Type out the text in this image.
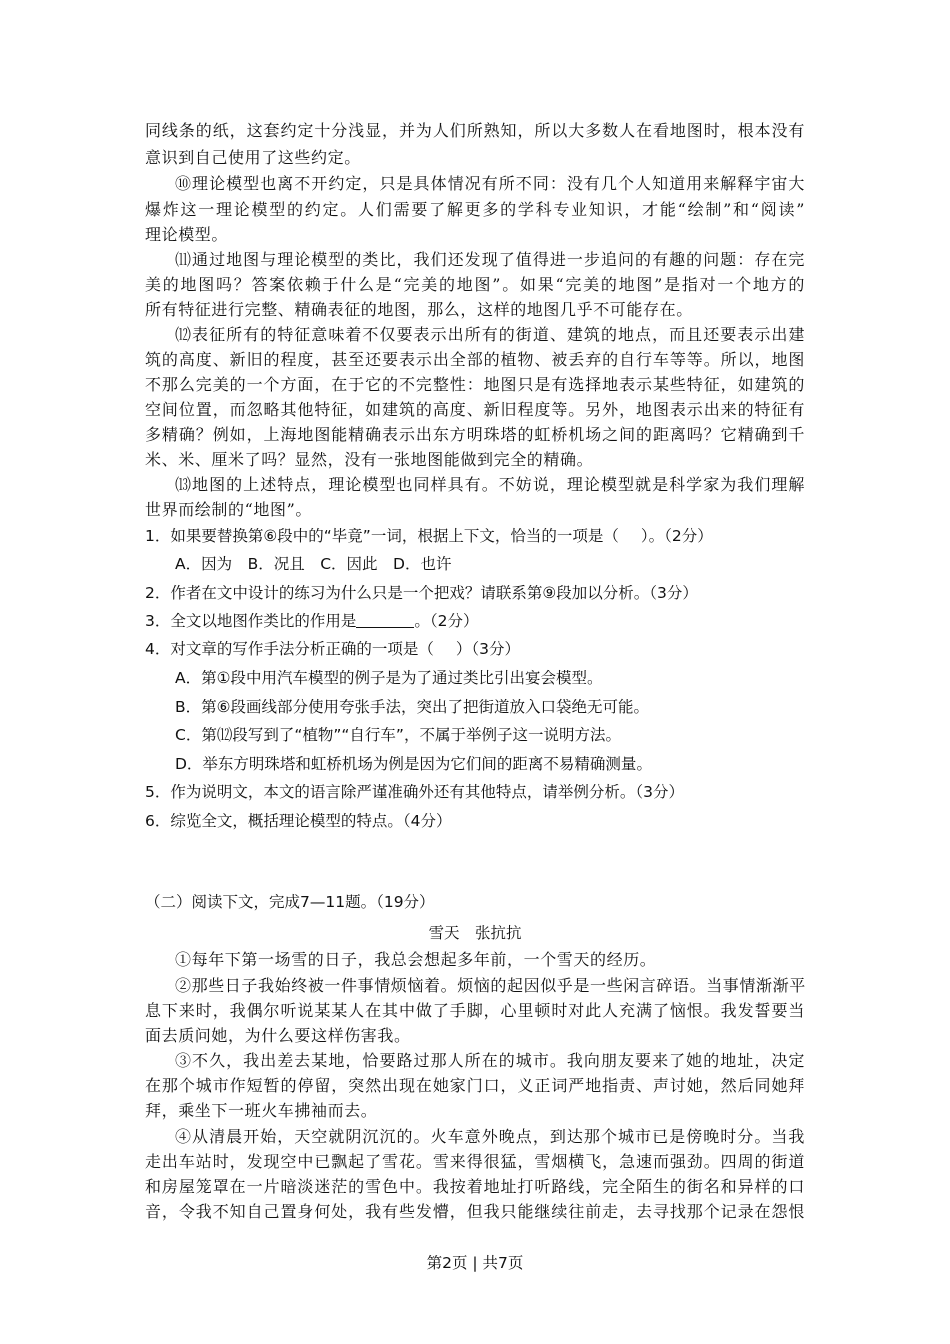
同线条的纸，这套约定十分浅显，并为人们所熟知，所以大多数人在看地图时，根本没有
意识到自己使用了这些约定。
⑩理论模型也离不开约定，只是具体情况有所不同：没有几个人知道用来解释宇宙大
爆炸这一理论模型的约定。人们需要了解更多的学科专业知识，才能“绘制”和“阅读”
理论模型。
⑾通过地图与理论模型的类比，我们还发现了值得进一步追问的有趣的问题：存在完
美的地图吗？答案依赖于什么是“完美的地图”。如果“完美的地图”是指对一个地方的
所有特征进行完整、精确表征的地图，那么，这样的地图几乎不可能存在。
⑿表征所有的特征意味着不仅要表示出所有的街道、建筑的地点，而且还要表示出建
筑的高度、新旧的程度，甚至还要表示出全部的植物、被丢弃的自行车等等。所以，地图
不那么完美的一个方面，在于它的不完整性：地图只是有选择地表示某些特征，如建筑的
空间位置，而忽略其他特征，如建筑的高度、新旧程度等。另外，地图表示出来的特征有
多精确？例如，上海地图能精确表示出东方明珠塔的虹桥机场之间的距离吗？它精确到千
米、米、厘米了吗？显然，没有一张地图能做到完全的精确。
⒀地图的上述特点，理论模型也同样具有。不妨说，理论模型就是科学家为我们理解
世界而绘制的“地图”。
1．如果要替换第⑥段中的“毕竟”一词，根据上下文，恰当的一项是（ ）。（2分）
A．因为　B．况且　C．因此　D．也许
2．作者在文中设计的练习为什么只是一个把戏？请联系第⑨段加以分析。（3分）
3．全文以地图作类比的作用是	。（2分）
4．对文章的写作手法分析正确的一项是（ ）（3分）
A．第①段中用汽车模型的例子是为了通过类比引出宴会模型。
B．第⑥段画线部分使用夸张手法，突出了把街道放入口袋绝无可能。
C．第⑿段写到了“植物”“自行车”，不属于举例子这一说明方法。
D．举东方明珠塔和虹桥机场为例是因为它们间的距离不易精确测量。
5．作为说明文，本文的语言除严谨准确外还有其他特点，请举例分析。（3分）
6．综览全文，概括理论模型的特点。（4分）
（二）阅读下文，完成7—11题。（19分）
雪天　张抗抗
①每年下第一场雪的日子，我总会想起多年前，一个雪天的经历。
②那些日子我始终被一件事情烦恼着。烦恼的起因似乎是一些闲言碎语。当事情渐渐平
息下来时，我偶尔听说某某人在其中做了手脚，心里顿时对此人充满了恼恨。我发誓要当
面去质问她，为什么要这样伤害我。
③不久，我出差去某地，恰要路过那人所在的城市。我向朋友要来了她的地址，决定
在那个城市作短暂的停留，突然出现在她家门口，义正词严地指责、声讨她，然后同她拜
拜，乘坐下一班火车拂袖而去。
④从清晨开始，天空就阴沉沉的。火车意外晚点，到达那个城市已是傍晚时分。当我
走出车站时，发现空中已飘起了雪花。雪来得很猛，雪烟横飞，急速而强劲。四周的街道
和房屋笼罩在一片暗淡迷茫的雪色中。我按着地址打听路线，完全陌生的街名和异样的口
音，令我不知自己置身何处，我有些发懵，但我只能继续往前走，去寻找那个记录在怨恨
第2页 | 共7页
